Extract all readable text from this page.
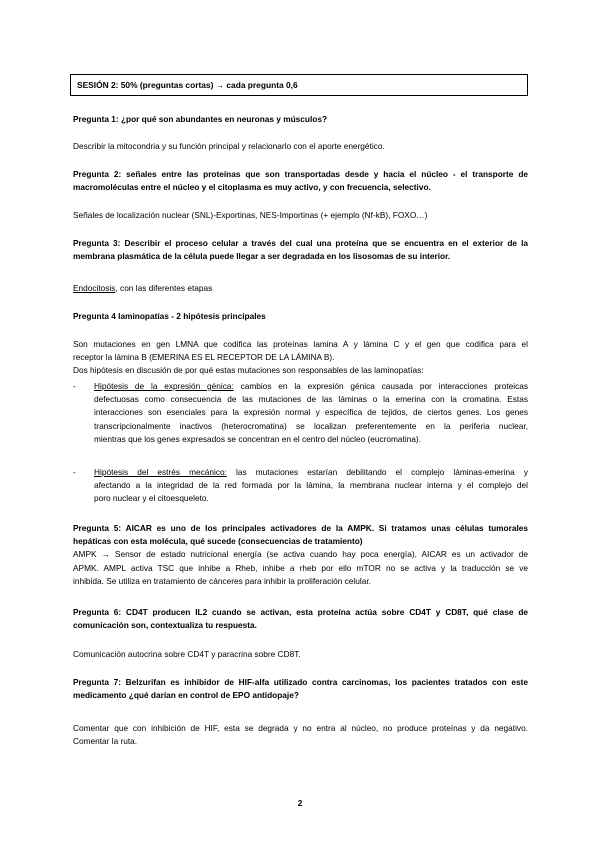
SESIÓN 2: 50% (preguntas cortas) → cada pregunta 0,6
Pregunta 1: ¿por qué son abundantes en neuronas y músculos?
Describir la mitocondria y su función principal y relacionarlo con el aporte energético.
Pregunta 2: señales entre las proteínas que son transportadas desde y hacia el núcleo - el transporte de
macromoléculas entre el núcleo y el citoplasma es muy activo, y con frecuencia, selectivo.
Señales de localización nuclear (SNL)-Exportinas, NES-Importinas (+ ejemplo (Nf-kB), FOXO…)
Pregunta 3: Describir el proceso celular a través del cual una proteína que se encuentra en el exterior de la
membrana plasmática de la célula puede llegar a ser degradada en los lisosomas de su interior.
Endocitosis, con las diferentes etapas
Pregunta 4 laminopatías - 2 hipótesis principales
Son mutaciones en gen LMNA que codifica las proteínas lamina A y lámina C y el gen que codifica para el
receptor la lámina B (EMERINA ES EL RECEPTOR DE LA LÁMINA B).
Dos hipótesis en discusión de por qué estas mutaciones son responsables de las laminopatías:
- Hipótesis de la expresión génica: cambios en la expresión génica causada por interacciones proteicas
defectuosas como consecuencia de las mutaciones de las láminas o la emerina con la cromatina. Estas
interacciones son esenciales para la expresión normal y específica de tejidos, de ciertos genes. Los genes
transcripcionalmente inactivos (heterocromatina) se localizan preferentemente en la periferia nuclear,
mientras que los genes expresados se concentran en el centro del núcleo (eucromatina).
- Hipótesis del estrés mecánico: las mutaciones estarían debilitando el complejo láminas-emerina y
afectando a la integridad de la red formada por la lámina, la membrana nuclear interna y el complejo del
poro nuclear y el citoesqueleto.
Pregunta 5: AICAR es uno de los principales activadores de la AMPK. Si tratamos unas células tumorales
hepáticas con esta molécula, qué sucede (consecuencias de tratamiento)
AMPK → Sensor de estado nutricional energía (se activa cuando hay poca energía), AICAR es un activador de
APMK. AMPL activa TSC que inhibe a Rheb, inhibe a rheb por ello mTOR no se activa y la traducción se ve
inhibida. Se utiliza en tratamiento de cánceres para inhibir la proliferación celular.
Pregunta 6: CD4T producen IL2 cuando se activan, esta proteína actúa sobre CD4T y CD8T, qué clase de
comunicación son, contextualiza tu respuesta.
Comunicación autocrina sobre CD4T y paracrina sobre CD8T.
Pregunta 7: Belzurifan es inhibidor de HIF-alfa utilizado contra carcinomas, los pacientes tratados con este
medicamento ¿qué darían en control de EPO antidopaje?
Comentar que con inhibición de HIF, esta se degrada y no entra al núcleo, no produce proteínas y da negativo.
Comentar la ruta.
2
